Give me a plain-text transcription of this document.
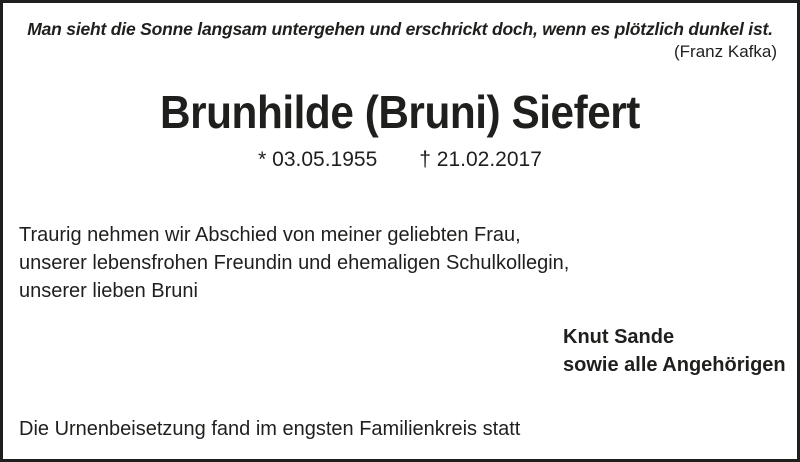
Man sieht die Sonne langsam untergehen und erschrickt doch, wenn es plötzlich dunkel ist.
(Franz Kafka)
Brunhilde (Bruni) Siefert
* 03.05.1955 † 21.02.2017
Traurig nehmen wir Abschied von meiner geliebten Frau,
unserer lebensfrohen Freundin und ehemaligen Schulkollegin,
unserer lieben Bruni
Knut Sande
sowie alle Angehörigen
Die Urnenbeisetzung fand im engsten Familienkreis statt
